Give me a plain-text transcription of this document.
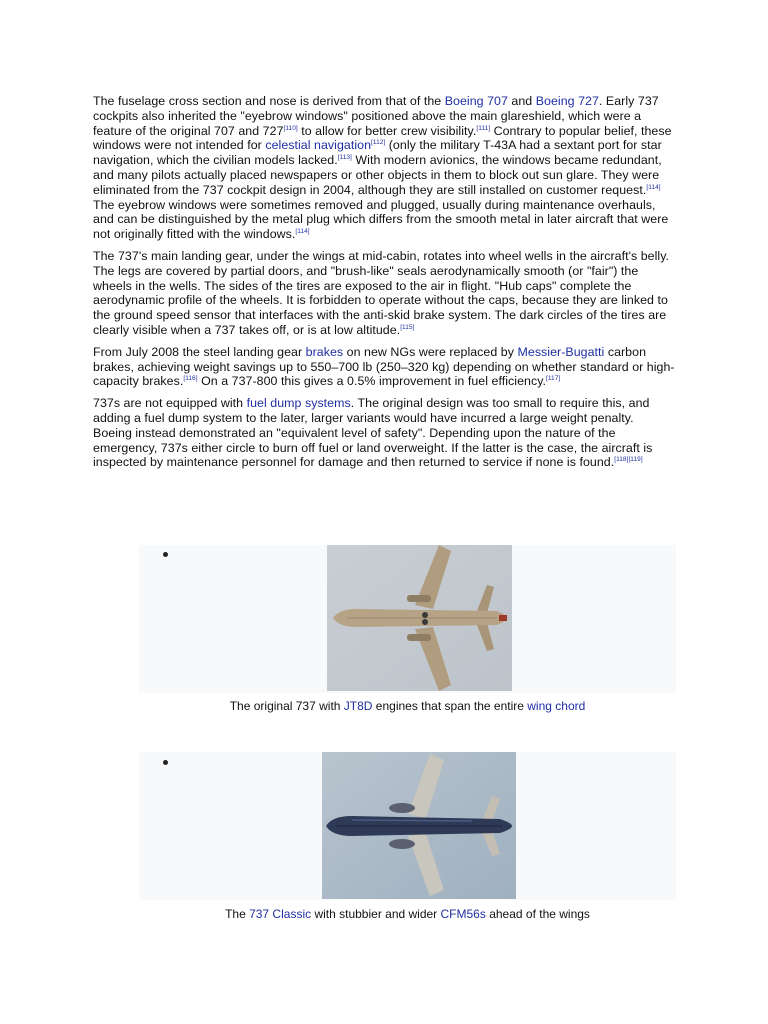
The fuselage cross section and nose is derived from that of the Boeing 707 and Boeing 727. Early 737 cockpits also inherited the "eyebrow windows" positioned above the main glareshield, which were a feature of the original 707 and 727[110] to allow for better crew visibility.[111] Contrary to popular belief, these windows were not intended for celestial navigation[112] (only the military T-43A had a sextant port for star navigation, which the civilian models lacked.[113] With modern avionics, the windows became redundant, and many pilots actually placed newspapers or other objects in them to block out sun glare. They were eliminated from the 737 cockpit design in 2004, although they are still installed on customer request.[114] The eyebrow windows were sometimes removed and plugged, usually during maintenance overhauls, and can be distinguished by the metal plug which differs from the smooth metal in later aircraft that were not originally fitted with the windows.[114]

The 737's main landing gear, under the wings at mid-cabin, rotates into wheel wells in the aircraft's belly. The legs are covered by partial doors, and "brush-like" seals aerodynamically smooth (or "fair") the wheels in the wells. The sides of the tires are exposed to the air in flight. "Hub caps" complete the aerodynamic profile of the wheels. It is forbidden to operate without the caps, because they are linked to the ground speed sensor that interfaces with the anti-skid brake system. The dark circles of the tires are clearly visible when a 737 takes off, or is at low altitude.[115]

From July 2008 the steel landing gear brakes on new NGs were replaced by Messier-Bugatti carbon brakes, achieving weight savings up to 550–700 lb (250–320 kg) depending on whether standard or high-capacity brakes.[116] On a 737-800 this gives a 0.5% improvement in fuel efficiency.[117]

737s are not equipped with fuel dump systems. The original design was too small to require this, and adding a fuel dump system to the later, larger variants would have incurred a large weight penalty. Boeing instead demonstrated an "equivalent level of safety". Depending upon the nature of the emergency, 737s either circle to burn off fuel or land overweight. If the latter is the case, the aircraft is inspected by maintenance personnel for damage and then returned to service if none is found.[118][119]

The original 737 with JT8D engines that span the entire wing chord
The 737 Classic with stubbier and wider CFM56s ahead of the wings
